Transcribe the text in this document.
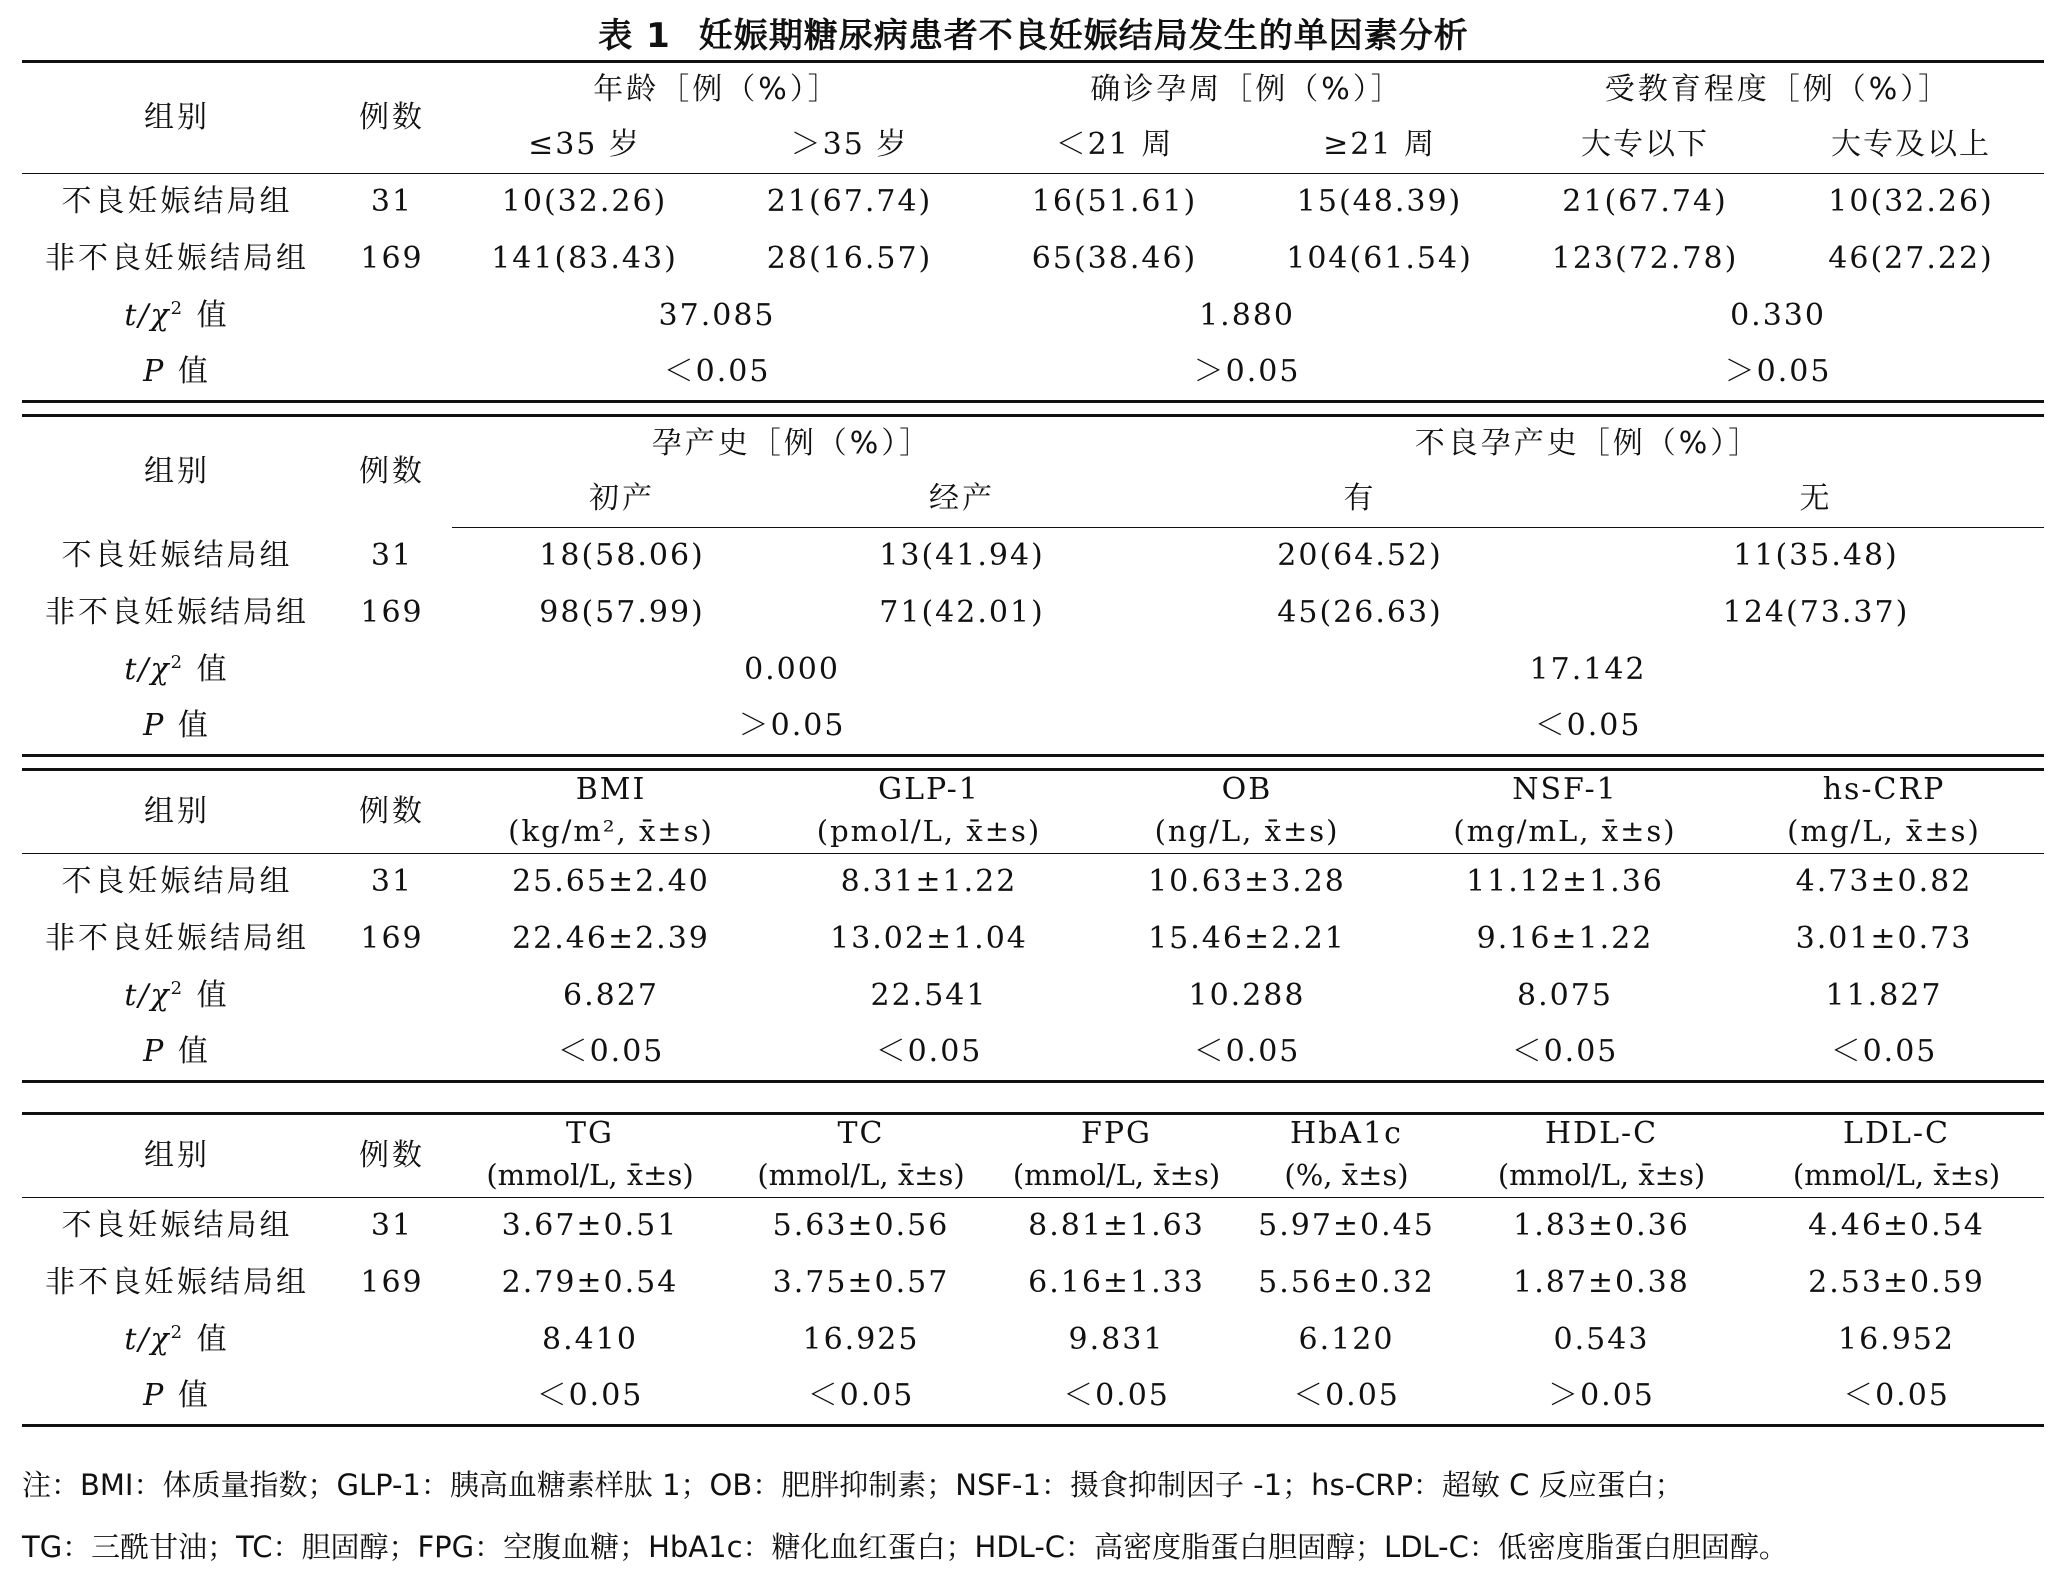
表 1 妊娠期糖尿病患者不良妊娠结局发生的单因素分析
组别	例数	年龄［例（%）］		确诊孕周［例（%）］		受教育程度［例（%）］	
		≤35 岁	＞35 岁	＜21 周	≥21 周	大专以下	大专及以上
不良妊娠结局组	31	10(32.26)	21(67.74)	16(51.61)	15(48.39)	21(67.74)	10(32.26)
非不良妊娠结局组	169	141(83.43)	28(16.57)	65(38.46)	104(61.54)	123(72.78)	46(27.22)
$t/\chi^2$ 值		37.085		1.880		0.330	
P 值		＜0.05		＞0.05		＞0.05	
组别	例数	孕产史［例（%）］		不良孕产史［例（%）］	
		初产	经产	有	无
不良妊娠结局组	31	18(58.06)	13(41.94)	20(64.52)	11(35.48)
非不良妊娠结局组	169	98(57.99)	71(42.01)	45(26.63)	124(73.37)
$t/\chi^2$ 值		0.000		17.142	
P 值		＞0.05		＜0.05	
组别	例数	BMI	GLP-1	OB	NSF-1	hs-CRP
		(kg/m², x̄±s)	(pmol/L, x̄±s)	(ng/L, x̄±s)	(mg/mL, x̄±s)	(mg/L, x̄±s)
不良妊娠结局组	31	25.65±2.40	8.31±1.22	10.63±3.28	11.12±1.36	4.73±0.82
非不良妊娠结局组	169	22.46±2.39	13.02±1.04	15.46±2.21	9.16±1.22	3.01±0.73
$t/\chi^2$ 值		6.827	22.541	10.288	8.075	11.827
P 值		＜0.05	＜0.05	＜0.05	＜0.05	＜0.05
组别	例数	TG	TC	FPG	HbA1c	HDL-C	LDL-C
		(mmol/L, x̄±s)	(mmol/L, x̄±s)	(mmol/L, x̄±s)	(%, x̄±s)	(mmol/L, x̄±s)	(mmol/L, x̄±s)
不良妊娠结局组	31	3.67±0.51	5.63±0.56	8.81±1.63	5.97±0.45	1.83±0.36	4.46±0.54
非不良妊娠结局组	169	2.79±0.54	3.75±0.57	6.16±1.33	5.56±0.32	1.87±0.38	2.53±0.59
$t/\chi^2$ 值		8.410	16.925	9.831	6.120	0.543	16.952
P 值		＜0.05	＜0.05	＜0.05	＜0.05	＞0.05	＜0.05

注：BMI：体质量指数；GLP-1：胰高血糖素样肽 1；OB：肥胖抑制素；NSF-1：摄食抑制因子 -1；hs-CRP：超敏 C 反应蛋白；

TG：三酰甘油；TC：胆固醇；FPG：空腹血糖；HbA1c：糖化血红蛋白；HDL-C：高密度脂蛋白胆固醇；LDL-C：低密度脂蛋白胆固醇。
